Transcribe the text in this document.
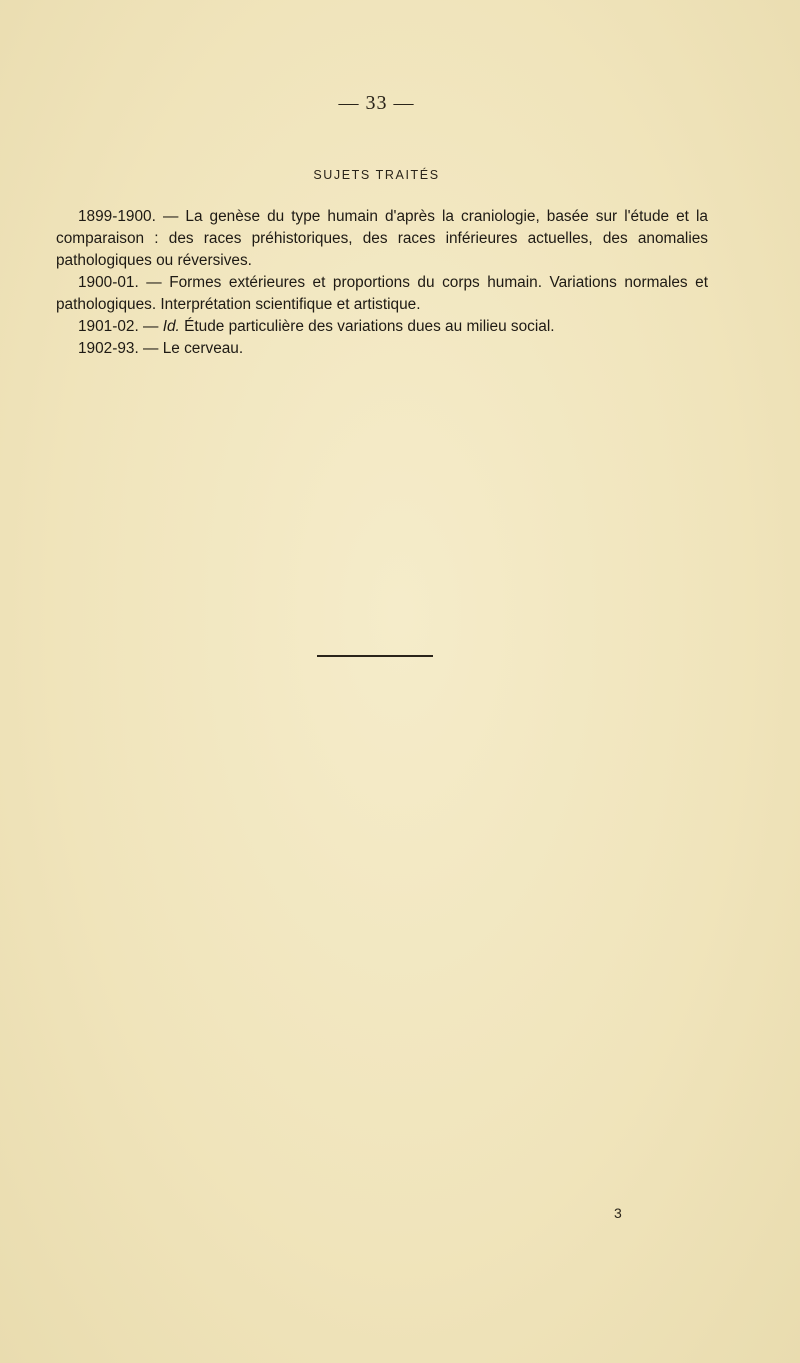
— 33 —
SUJETS TRAITÉS

1899-1900. — La genèse du type humain d'après la craniologie, basée sur l'étude et la comparaison : des races préhistoriques, des races inférieures actuelles, des anomalies pathologiques ou réversives.

1900-01. — Formes extérieures et proportions du corps humain. Variations normales et pathologiques. Interprétation scientifique et artistique.

1901-02. — Id. Étude particulière des variations dues au milieu social.

1902-93. — Le cerveau.

3
